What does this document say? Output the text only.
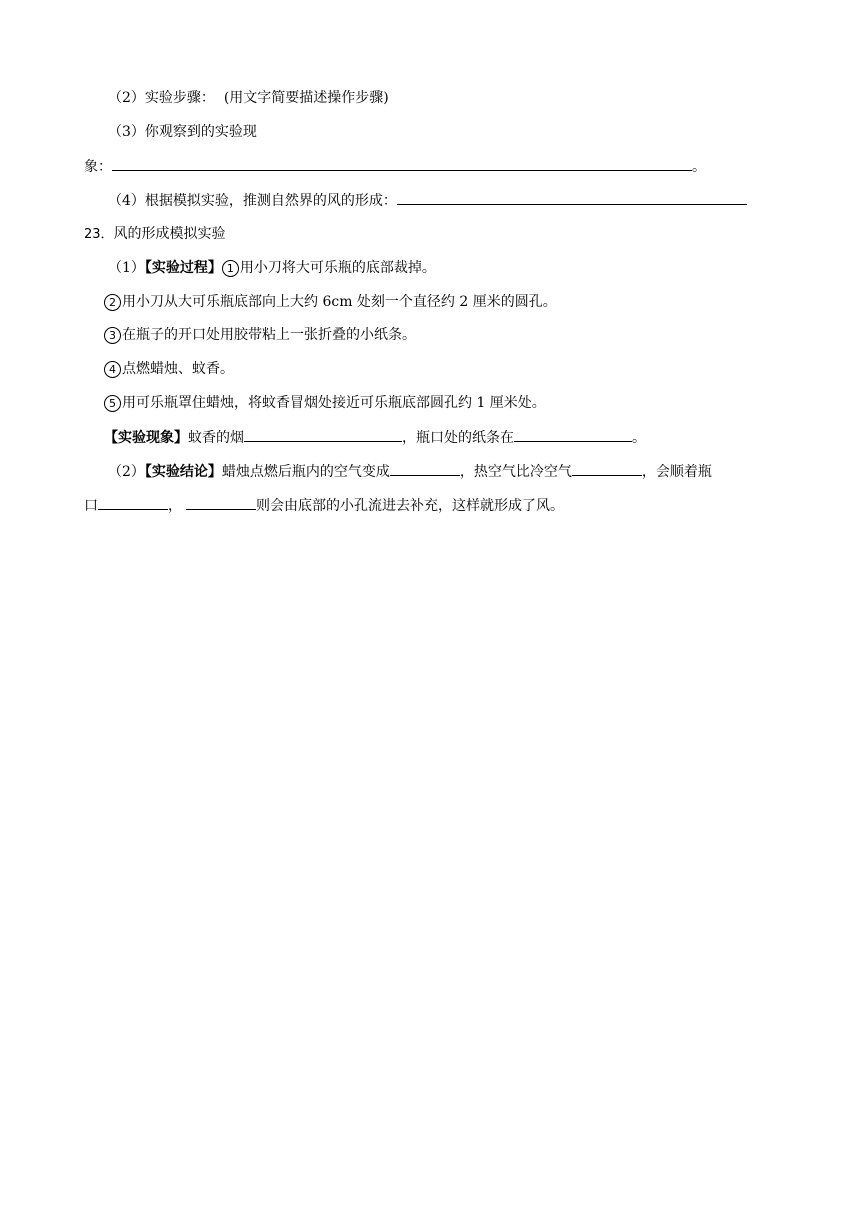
（2）实验步骤： (用文字简要描述操作步骤)
（3）你观察到的实验现
象：	。
（4）根据模拟实验，推测自然界的风的形成：
23．风的形成模拟实验
（1）【实验过程】 1 用小刀将大可乐瓶的底部裁掉。
2 用小刀从大可乐瓶底部向上大约 6cm 处刻一个直径约 2 厘米的圆孔。
3 在瓶子的开口处用胶带粘上一张折叠的小纸条。
4 点燃蜡烛、蚊香。
5 用可乐瓶罩住蜡烛，将蚊香冒烟处接近可乐瓶底部圆孔约 1 厘米处。
【实验现象】蚊香的烟	，瓶口处的纸条在	。
（2）【实验结论】蜡烛点燃后瓶内的空气变成	，热空气比冷空气	，会顺着瓶
口	，	则会由底部的小孔流进去补充，这样就形成了风。
